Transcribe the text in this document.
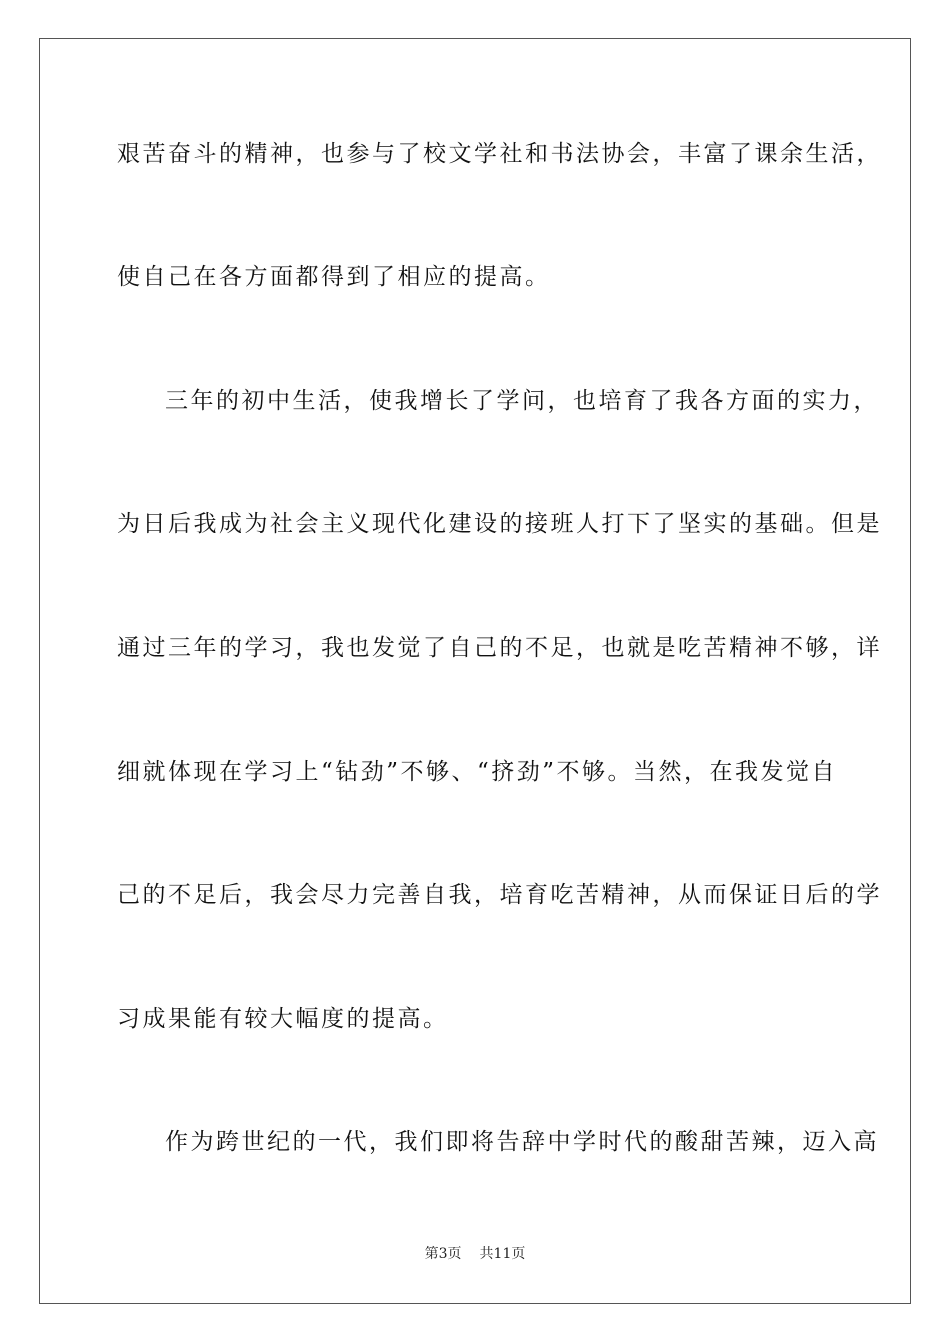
艰苦奋斗的精神，也参与了校文学社和书法协会，丰富了课余生活，
使自己在各方面都得到了相应的提高。
三年的初中生活，使我增长了学问，也培育了我各方面的实力，
为日后我成为社会主义现代化建设的接班人打下了坚实的基础。但是
通过三年的学习，我也发觉了自己的不足，也就是吃苦精神不够，详
细就体现在学习上“钻劲”不够、“挤劲”不够。当然，在我发觉自
己的不足后，我会尽力完善自我，培育吃苦精神，从而保证日后的学
习成果能有较大幅度的提高。
作为跨世纪的一代，我们即将告辞中学时代的酸甜苦辣，迈入高
第3页 共11页
